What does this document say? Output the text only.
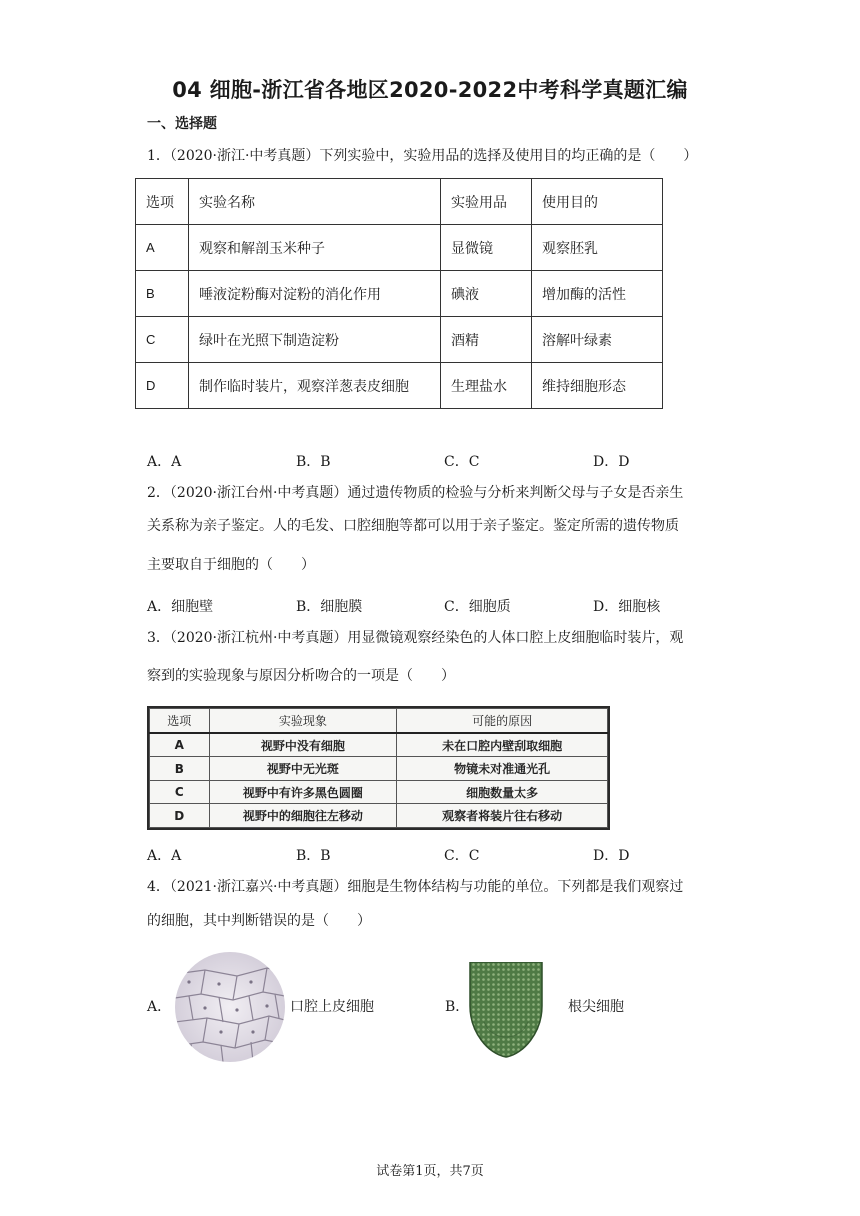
04 细胞-浙江省各地区2020-2022中考科学真题汇编
一、选择题
1．（2020·浙江·中考真题）下列实验中，实验用品的选择及使用目的均正确的是（　　）
选项	实验名称	实验用品	使用目的
A	观察和解剖玉米种子	显微镜	观察胚乳
B	唾液淀粉酶对淀粉的消化作用	碘液	增加酶的活性
C	绿叶在光照下制造淀粉	酒精	溶解叶绿素
D	制作临时装片，观察洋葱表皮细胞	生理盐水	维持细胞形态
A．A	B．B	C．C	D．D
2．（2020·浙江台州·中考真题）通过遗传物质的检验与分析来判断父母与子女是否亲生
关系称为亲子鉴定。人的毛发、口腔细胞等都可以用于亲子鉴定。鉴定所需的遗传物质
主要取自于细胞的（　　）
A．细胞壁	B．细胞膜	C．细胞质	D．细胞核
3．（2020·浙江杭州·中考真题）用显微镜观察经染色的人体口腔上皮细胞临时装片，观
察到的实验现象与原因分析吻合的一项是（　　）
选项	实验现象	可能的原因
A	视野中没有细胞	未在口腔内壁刮取细胞
B	视野中无光斑	物镜未对准通光孔
C	视野中有许多黑色圆圈	细胞数量太多
D	视野中的细胞往左移动	观察者将装片往右移动
A．A	B．B	C．C	D．D
4．（2021·浙江嘉兴·中考真题）细胞是生物体结构与功能的单位。下列都是我们观察过
的细胞，其中判断错误的是（　　）
A．	口腔上皮细胞	B．	根尖细胞
试卷第1页，共7页
